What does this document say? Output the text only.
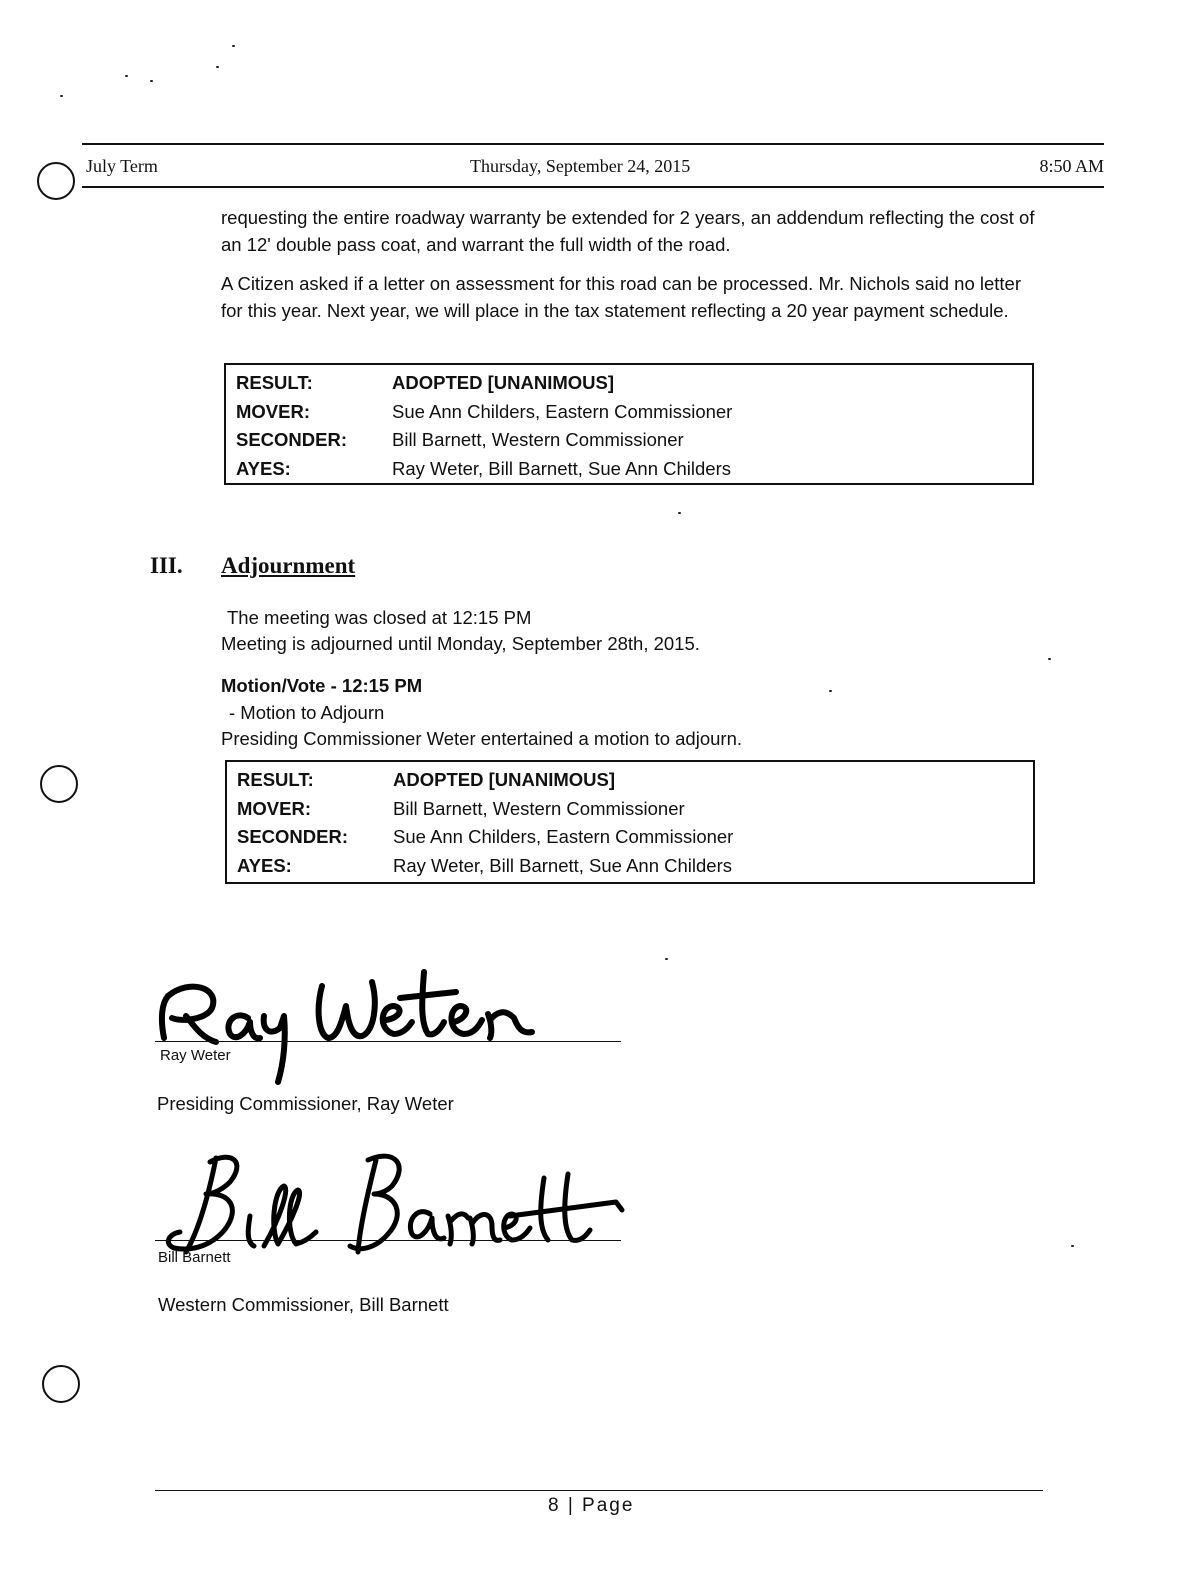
July Term	Thursday, September 24, 2015	8:50 AM

requesting the entire roadway warranty be extended for 2 years, an addendum reflecting the cost of an 12' double pass coat, and warrant the full width of the road.

A Citizen asked if a letter on assessment for this road can be processed. Mr. Nichols said no letter for this year. Next year, we will place in the tax statement reflecting a 20 year payment schedule.

RESULT:	ADOPTED [UNANIMOUS]
MOVER:	Sue Ann Childers, Eastern Commissioner
SECONDER:	Bill Barnett, Western Commissioner
AYES:	Ray Weter, Bill Barnett, Sue Ann Childers
III. Adjournment
The meeting was closed at 12:15 PM
Meeting is adjourned until Monday, September 28th, 2015.
Motion/Vote - 12:15 PM
- Motion to Adjourn
Presiding Commissioner Weter entertained a motion to adjourn.
RESULT:	ADOPTED [UNANIMOUS]
MOVER:	Bill Barnett, Western Commissioner
SECONDER:	Sue Ann Childers, Eastern Commissioner
AYES:	Ray Weter, Bill Barnett, Sue Ann Childers
Ray Weter
Presiding Commissioner, Ray Weter
Bill Barnett
Western Commissioner, Bill Barnett
8 | Page
